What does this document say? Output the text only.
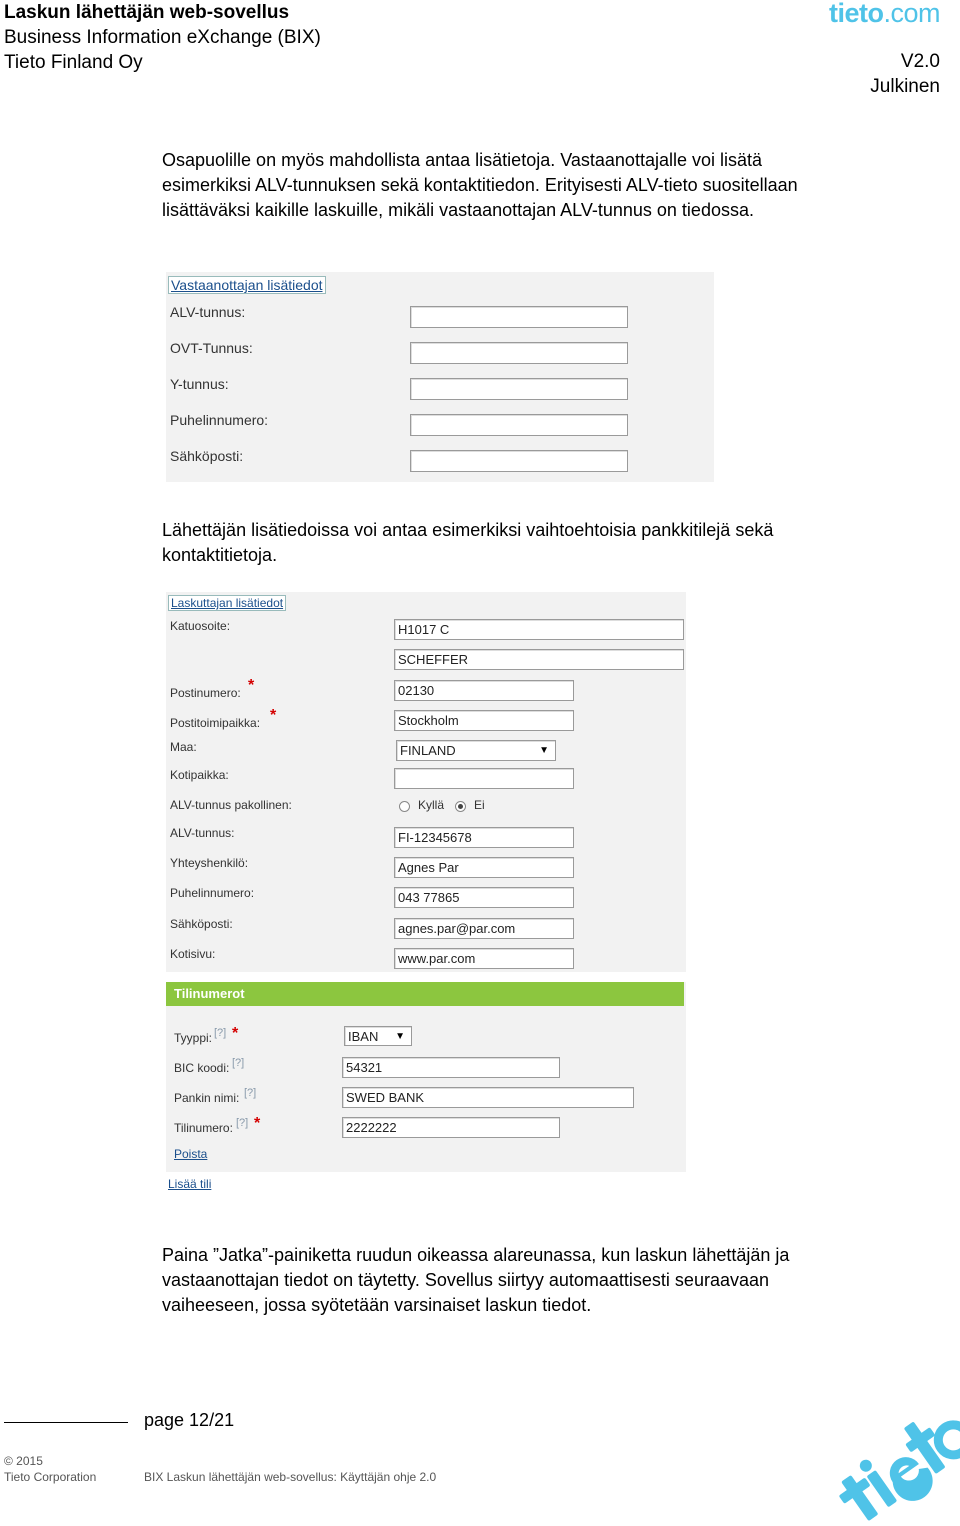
Laskun lähettäjän web-sovellus
Business Information eXchange (BIX)
Tieto Finland Oy
tieto.com
V2.0
Julkinen
Osapuolille on myös mahdollista antaa lisätietoja. Vastaanottajalle voi lisätä esimerkiksi ALV-tunnuksen sekä kontaktitiedon. Erityisesti ALV-tieto suositellaan lisättäväksi kaikille laskuille, mikäli vastaanottajan ALV-tunnus on tiedossa.
Vastaanottajan lisätiedot
ALV-tunnus:
OVT-Tunnus:
Y-tunnus:
Puhelinnumero:
Sähköposti:
Lähettäjän lisätiedoissa voi antaa esimerkiksi vaihtoehtoisia pankkitilejä sekä kontaktitietoja.
Laskuttajan lisätiedot
Katuosoite:	H1017 C
SCHEFFER
Postinumero: *	02130
Postitoimipaikka: *	Stockholm
Maa:	FINLAND	▼
Kotipaikka:
ALV-tunnus pakollinen:	Kyllä Ei
ALV-tunnus:	FI-12345678
Yhteyshenkilö:	Agnes Par
Puhelinnumero:	043 77865
Sähköposti:	agnes.par@par.com
Kotisivu:	www.par.com
Tilinumerot
Tyyppi: [?] *	IBAN ▼
BIC koodi: [?]	54321
Pankin nimi: [?]	SWED BANK
Tilinumero: [?] *	2222222
Poista
Lisää tili
Paina ”Jatka”-painiketta ruudun oikeassa alareunassa, kun laskun lähettäjän ja vastaanottajan tiedot on täytetty. Sovellus siirtyy automaattisesti seuraavaan vaiheeseen, jossa syötetään varsinaiset laskun tiedot.
page 12/21
© 2015
Tieto Corporation	BIX Laskun lähettäjän web-sovellus: Käyttäjän ohje 2.0
